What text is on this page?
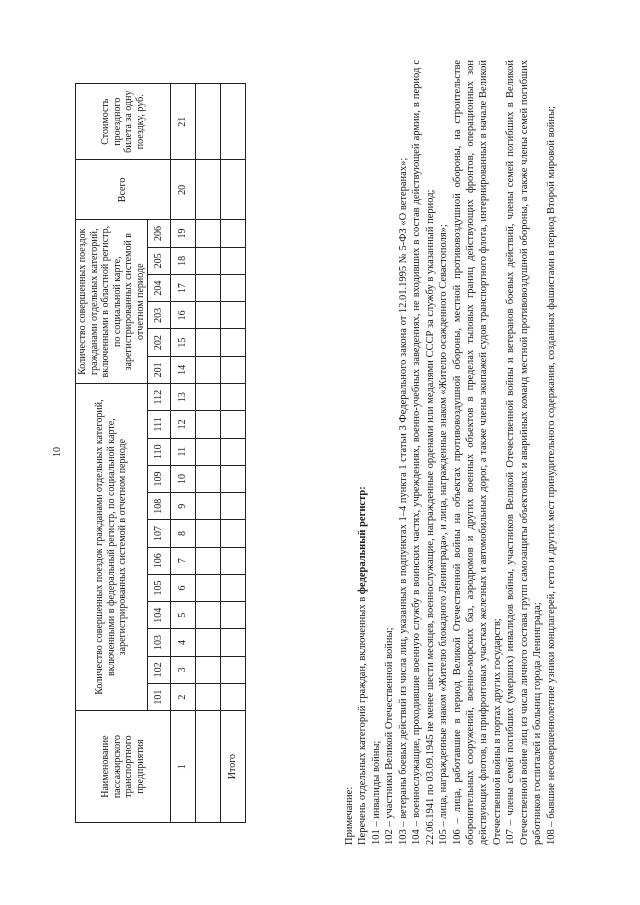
10
Наименование пассажирского транспортного предприятия	Количество совершенных поездок гражданами отдельных категорий, включенными в федеральный регистр, по социальной карте, зарегистрированных системой в отчетном периоде												Количество совершенных поездок гражданами отдельных категорий, включенными в областной регистр, по социальной карте, зарегистрированных системой в отчетном периоде						Всего	Стоимость проездного билета за одну поездку, руб.
	101	102	103	104	105	106	107	108	109	110	111	112	201	202	203	204	205	206		
1	2	3	4	5	6	7	8	9	10	11	12	13	14	15	16	17	18	19	20	21

Итого																				

Примечание: Перечень отдельных категорий граждан, включенных в федеральный регистр:

101 – инвалиды войны; 102 – участники Великой Отечественной войны; 103 – ветераны боевых действий из числа лиц, указанных в подпунктах 1–4 пункта 1 статьи 3 Федерального закона от 12.01.1995 № 5-ФЗ «О ветеранах»; 104 – военнослужащие, проходившие военную службу в воинских частях, учреждениях, военно-учебных заведениях, не входивших в состав действующей армии, в период с 22.06.1941 по 03.09.1945 не менее шести месяцев, военнослужащие, награжденные орденами или медалями СССР за службу в указанный период; 105 – лица, награжденные знаком «Жителю блокадного Ленинграда», и лица, награжденные знаком «Жителю осажденного Севастополя»; 106 – лица, работавшие в период Великой Отечественной войны на объектах противовоздушной обороны, местной противовоздушной обороны, на строительстве оборонительных сооружений, военно-морских баз, аэродромов и других военных объектов в пределах тыловых границ действующих фронтов, операционных зон действующих флотов, на прифронтовых участках железных и автомобильных дорог, а также члены экипажей судов транспортного флота, интернированных в начале Великой Отечественной войны в портах других государств; 107 – члены семей погибших (умерших) инвалидов войны, участников Великой Отечественной войны и ветеранов боевых действий, члены семей погибших в Великой Отечественной войне лиц из числа личного состава групп самозащиты объектовых и аварийных команд местной противовоздушной обороны, а также члены семей погибших работников госпиталей и больниц города Ленинграда; 108 – бывшие несовершеннолетние узники концлагерей, гетто и других мест принудительного содержания, созданных фашистами в период Второй мировой войны;
